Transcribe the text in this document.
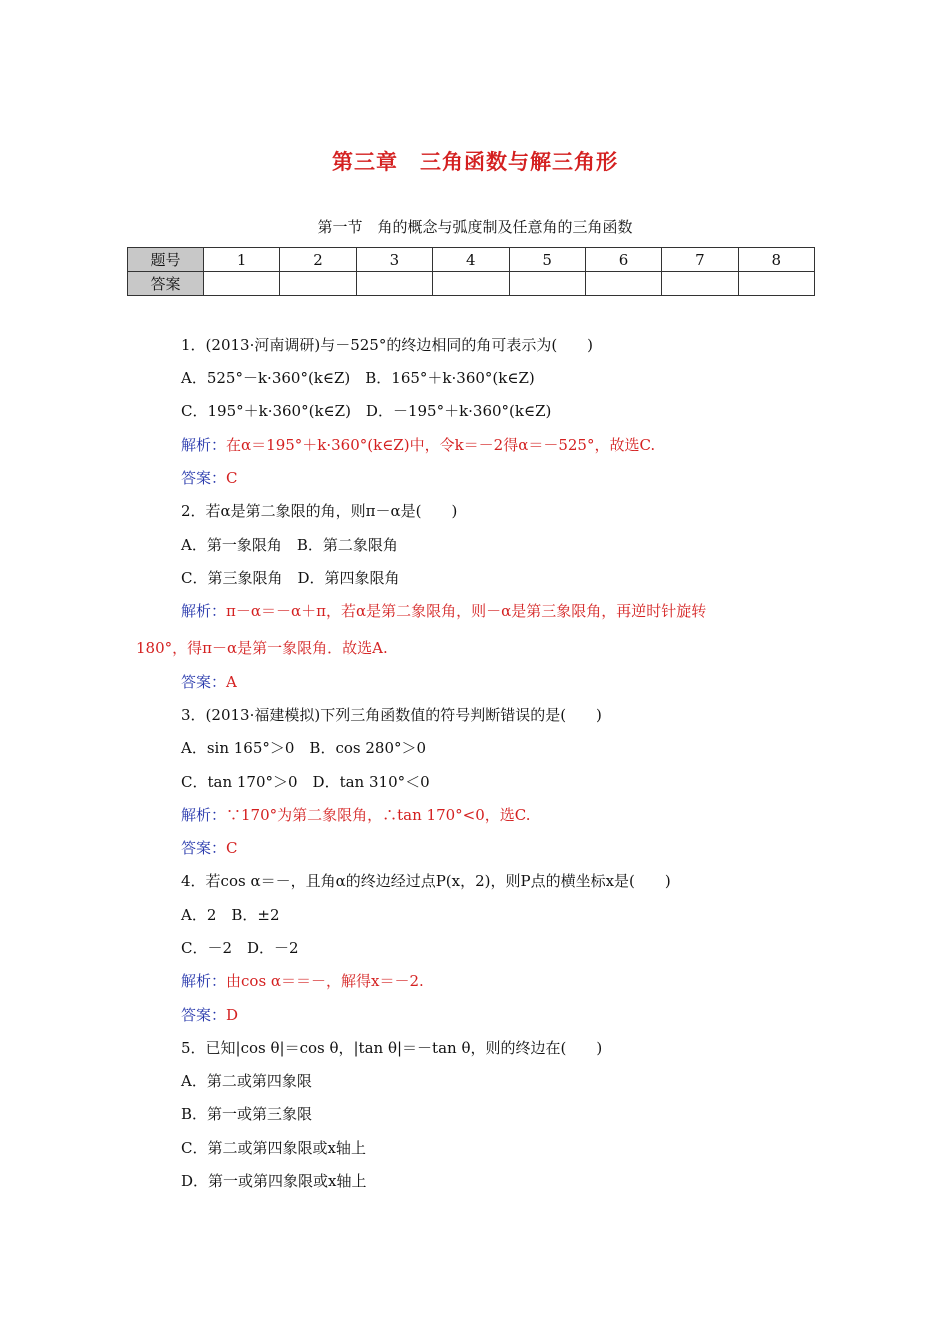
第三章　三角函数与解三角形
第一节　角的概念与弧度制及任意角的三角函数
题号	1	2	3	4	5	6	7	8
答案								
1．(2013·河南调研)与－525°的终边相同的角可表示为(　　)
A．525°－k·360°(k∈Z)　B．165°＋k·360°(k∈Z)
C．195°＋k·360°(k∈Z)　D．－195°＋k·360°(k∈Z)
解析：在α＝195°＋k·360°(k∈Z)中，令k＝－2得α＝－525°，故选C.
答案：C
2．若α是第二象限的角，则π－α是(　　)
A．第一象限角　B．第二象限角
C．第三象限角　D．第四象限角
解析：π－α＝－α＋π，若α是第二象限角，则－α是第三象限角，再逆时针旋转
180°，得π－α是第一象限角．故选A.
答案：A
3．(2013·福建模拟)下列三角函数值的符号判断错误的是(　　)
A．sin 165°＞0　B．cos 280°＞0
C．tan 170°＞0　D．tan 310°＜0
解析：∵170°为第二象限角，∴tan 170°<0，选C.
答案：C
4．若cos α＝－，且角α的终边经过点P(x，2)，则P点的横坐标x是(　　)
A．2　B．±2
C．－2　D．－2
解析：由cos α＝＝－，解得x＝－2.
答案：D
5．已知|cos θ|＝cos θ，|tan θ|＝－tan θ，则的终边在(　　)
A．第二或第四象限
B．第一或第三象限
C．第二或第四象限或x轴上
D．第一或第四象限或x轴上
